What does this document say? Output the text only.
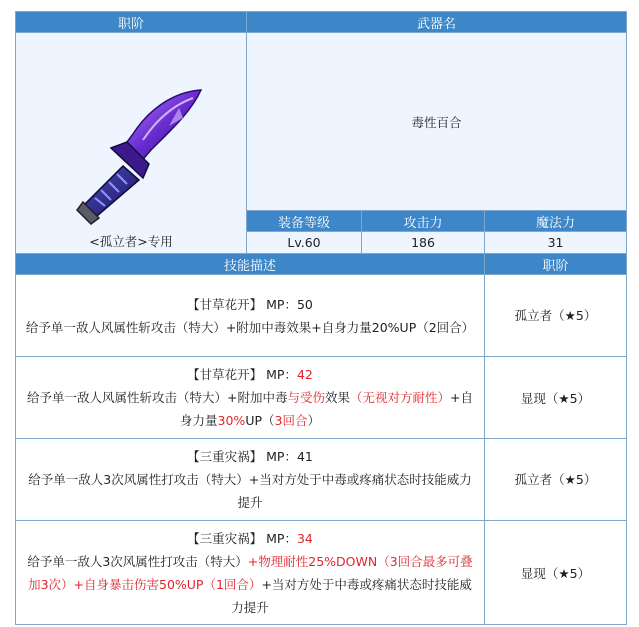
职阶	武器名		

<孤立者>专用	毒性百合		
	装备等级	攻击力	魔法力
	Lv.60	186	31
技能描述			职阶

【甘草花开】 MP：50
给予单一敌人风属性斩攻击（特大）+附加中毒效果+自身力量20%UP（2回合）			孤立者（★5）

【甘草花开】 MP：42
给予单一敌人风属性斩攻击（特大）+附加中毒与受伤效果（无视对方耐性）+自身力量30%UP（3回合）			显现（★5）

【三重灾祸】 MP：41
给予单一敌人3次风属性打攻击（特大）+当对方处于中毒或疼痛状态时技能威力提升			孤立者（★5）

【三重灾祸】 MP：34
给予单一敌人3次风属性打攻击（特大）+物理耐性25%DOWN（3回合最多可叠加3次）+自身暴击伤害50%UP（1回合）+当对方处于中毒或疼痛状态时技能威力提升			显现（★5）
